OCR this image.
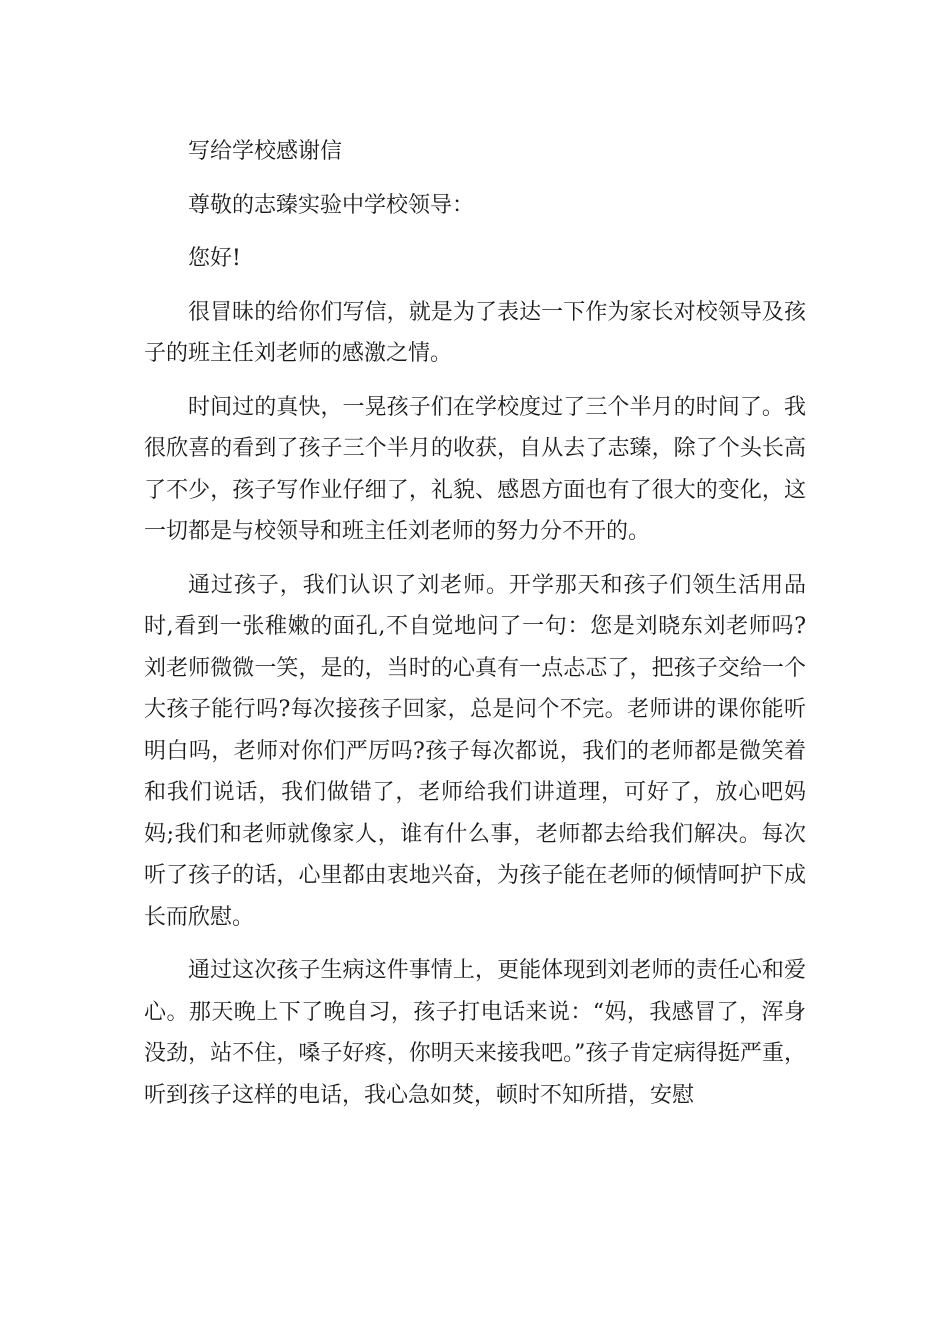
写给学校感谢信

尊敬的志臻实验中学校领导：

您好!

很冒昧的给你们写信，就是为了表达一下作为家长对校领导及孩子的班主任刘老师的感激之情。

时间过的真快，一晃孩子们在学校度过了三个半月的时间了。我很欣喜的看到了孩子三个半月的收获，自从去了志臻，除了个头长高了不少，孩子写作业仔细了，礼貌、感恩方面也有了很大的变化，这一切都是与校领导和班主任刘老师的努力分不开的。

通过孩子，我们认识了刘老师。开学那天和孩子们领生活用品时,看到一张稚嫩的面孔,不自觉地问了一句：您是刘晓东刘老师吗?刘老师微微一笑，是的，当时的心真有一点忐忑了，把孩子交给一个大孩子能行吗?每次接孩子回家，总是问个不完。老师讲的课你能听明白吗，老师对你们严厉吗?孩子每次都说，我们的老师都是微笑着和我们说话，我们做错了，老师给我们讲道理，可好了，放心吧妈妈;我们和老师就像家人，谁有什么事，老师都去给我们解决。每次听了孩子的话，心里都由衷地兴奋，为孩子能在老师的倾情呵护下成长而欣慰。

通过这次孩子生病这件事情上，更能体现到刘老师的责任心和爱心。那天晚上下了晚自习，孩子打电话来说：“妈，我感冒了，浑身没劲，站不住，嗓子好疼，你明天来接我吧。”孩子肯定病得挺严重，听到孩子这样的电话，我心急如焚，顿时不知所措，安慰
